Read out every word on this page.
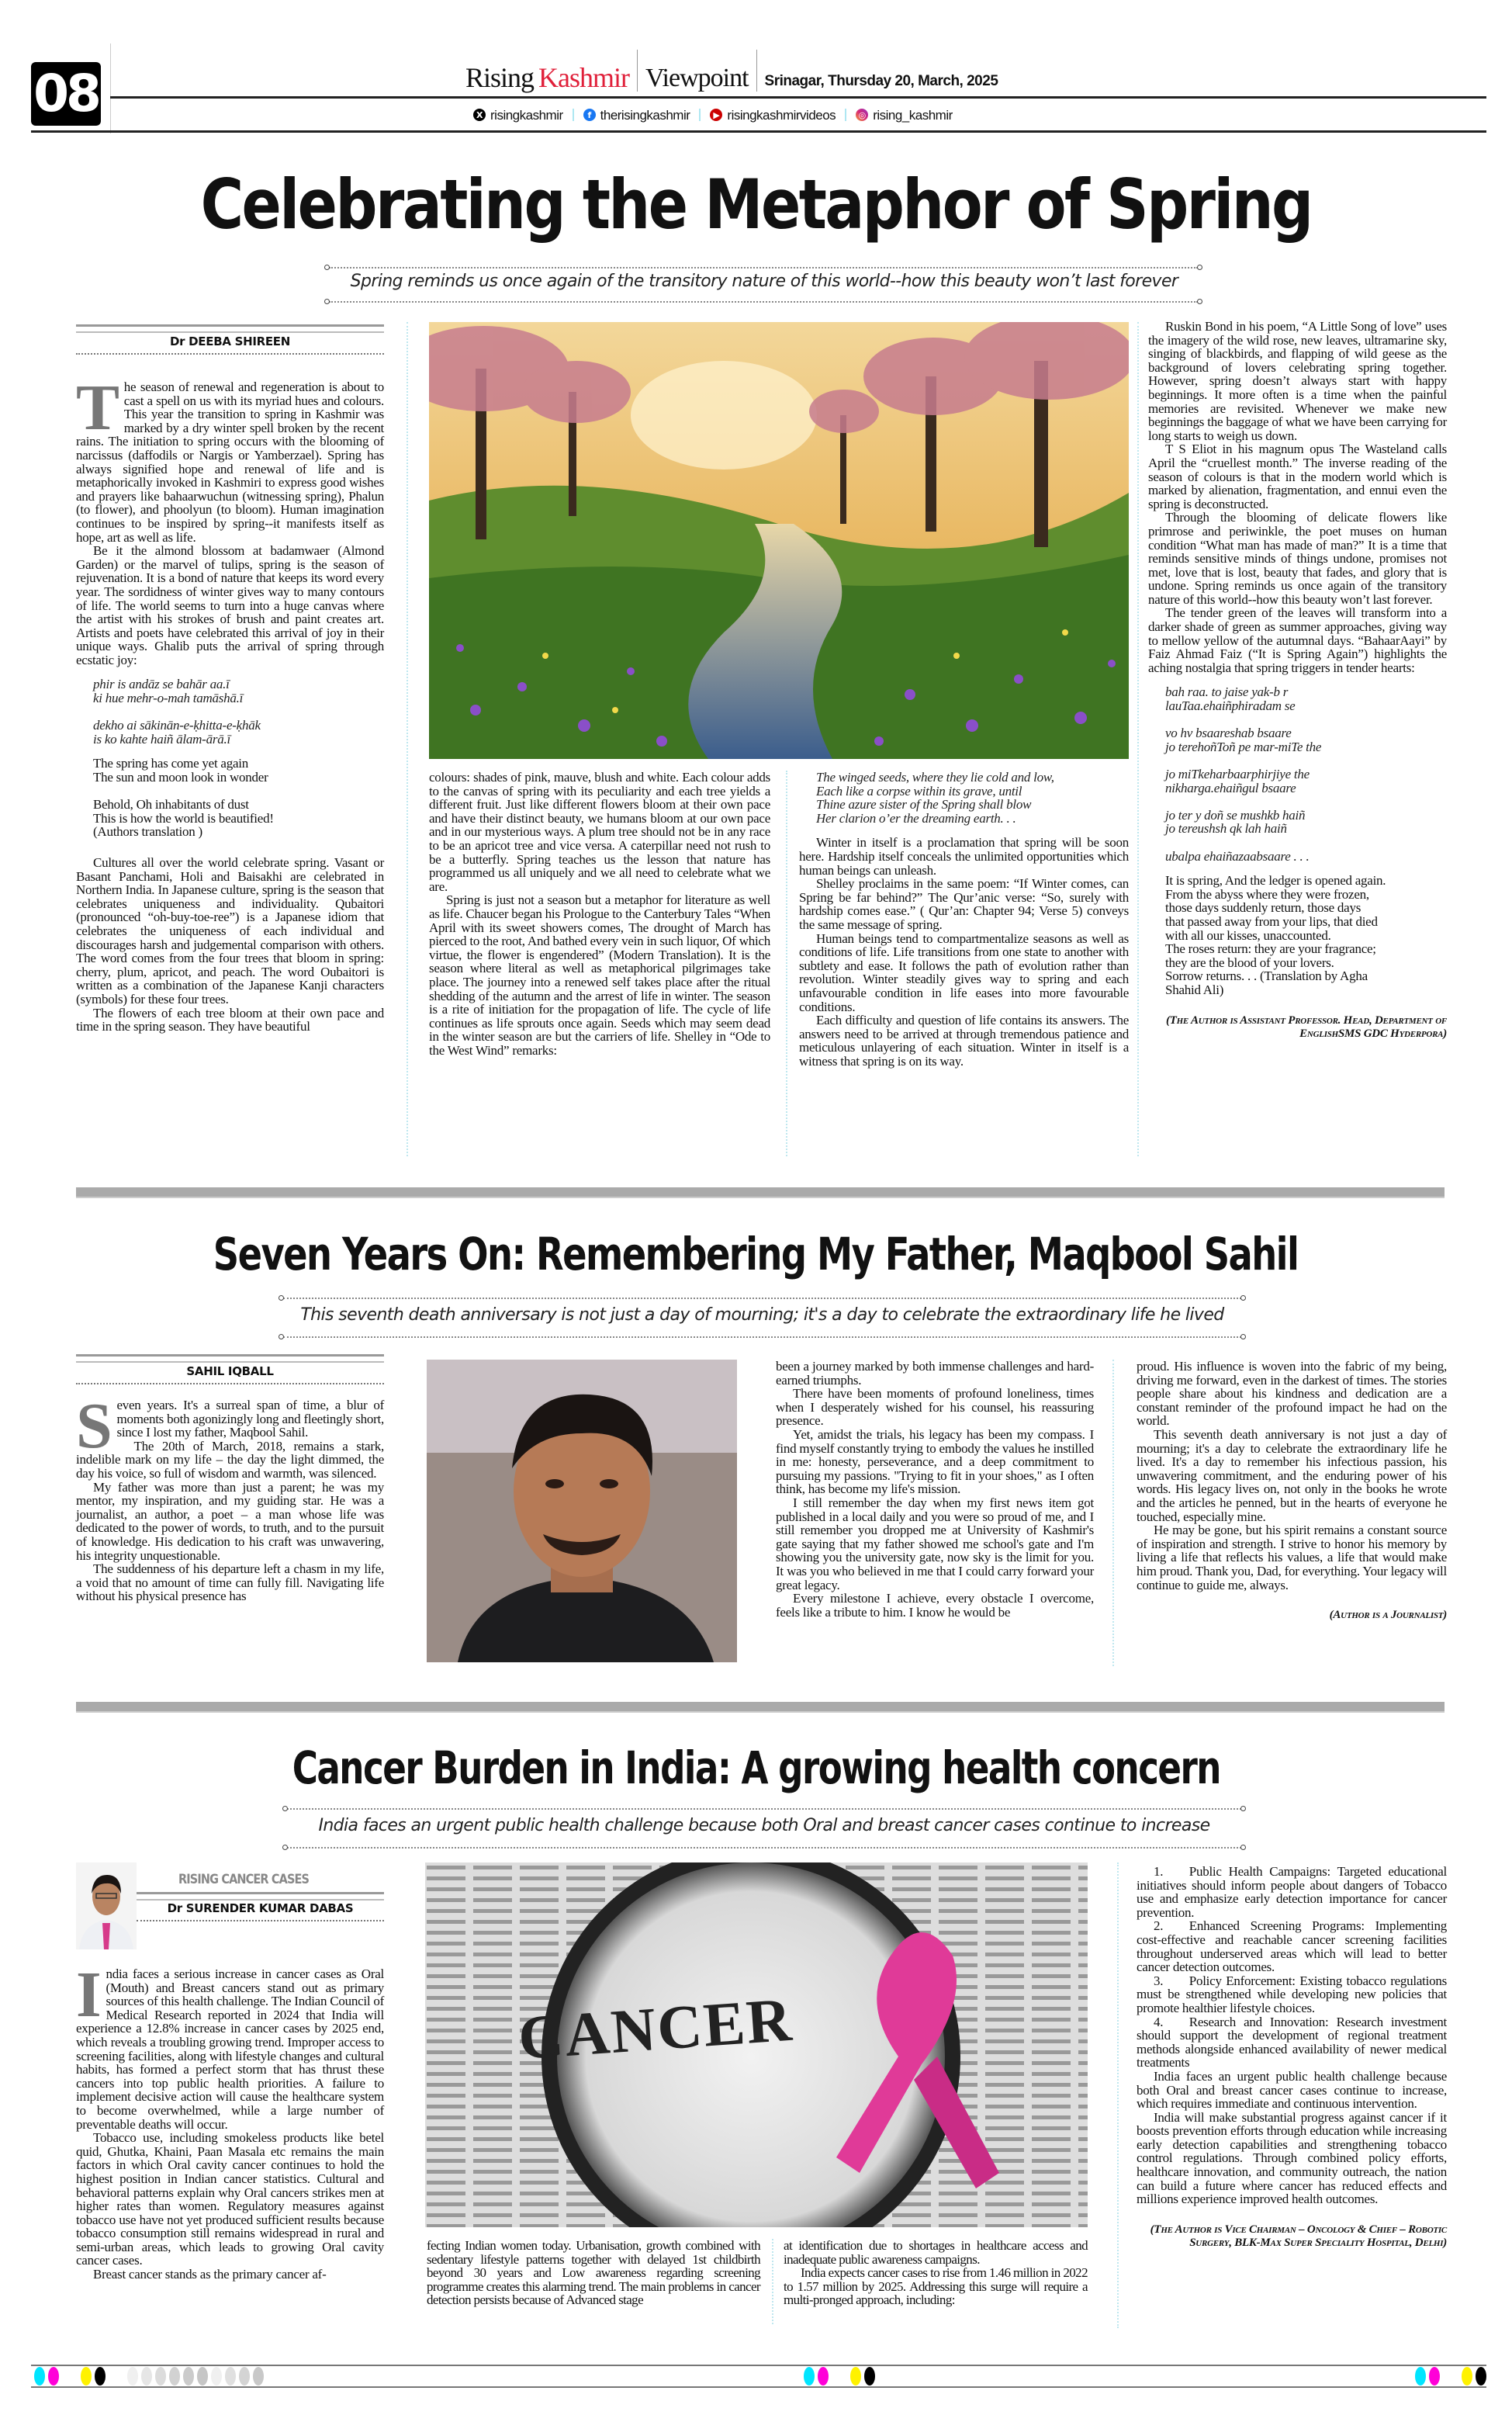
08	Rising Kashmir Viewpoint Srinagar, Thursday 20, March, 2025
X risingkashmir	f therisingkashmir	▶ risingkashmirvideos	◎ rising_kashmir
Celebrating the Metaphor of Spring
Spring reminds us once again of the transitory nature of this world--how this beauty won’t last forever
Dr DEEBA SHIREEN

The season of renewal and regeneration is about to cast a spell on us with its myriad hues and colours. This year the transition to spring in Kashmir was marked by a dry winter spell broken by the recent rains. The initiation to spring occurs with the blooming of narcissus (daffodils or Nargis or Yamberzael). Spring has always signified hope and renewal of life and is metaphorically invoked in Kashmiri to express good wishes and prayers like bahaarwuchun (witnessing spring), Phalun (to flower), and phoolyun (to bloom). Human imagination continues to be inspired by spring--it manifests itself as hope, art as well as life.

Be it the almond blossom at badamwaer (Almond Garden) or the marvel of tulips, spring is the season of rejuvenation. It is a bond of nature that keeps its word every year. The sordidness of winter gives way to many contours of life. The world seems to turn into a huge canvas where the artist with his strokes of brush and paint creates art. Artists and poets have celebrated this arrival of joy in their unique ways. Ghalib puts the arrival of spring through ecstatic joy:

phir is andāz se bahār aa.ī
ki hue mehr-o-mah tamāshā.ī

dekho ai sākinān-e-ḳhitta-e-ḳhāk
is ko kahte haiñ ālam-ārā.ī
The spring has come yet again
The sun and moon look in wonder

Behold, Oh inhabitants of dust
This is how the world is beautified!
(Authors translation )

Cultures all over the world celebrate spring. Vasant or Basant Panchami, Holi and Baisakhi are celebrated in Northern India. In Japanese culture, spring is the season that celebrates uniqueness and individuality. Qubaitori (pronounced “oh-buy-toe-ree”) is a Japanese idiom that celebrates the uniqueness of each individual and discourages harsh and judgemental comparison with others. The word comes from the four trees that bloom in spring: cherry, plum, apricot, and peach. The word Oubaitori is written as a combination of the Japanese Kanji characters (symbols) for these four trees.

The flowers of each tree bloom at their own pace and time in the spring season. They have beautiful

colours: shades of pink, mauve, blush and white. Each colour adds to the canvas of spring with its peculiarity and each tree yields a different fruit. Just like different flowers bloom at their own pace and have their distinct beauty, we humans bloom at our own pace and in our mysterious ways. A plum tree should not be in any race to be an apricot tree and vice versa. A caterpillar need not rush to be a butterfly. Spring teaches us the lesson that nature has programmed us all uniquely and we all need to celebrate what we are.

Spring is just not a season but a metaphor for literature as well as life. Chaucer began his Prologue to the Canterbury Tales “When April with its sweet showers comes, The drought of March has pierced to the root, And bathed every vein in such liquor, Of which virtue, the flower is engendered” (Modern Translation). It is the season where literal as well as metaphorical pilgrimages take place. The journey into a renewed self takes place after the ritual shedding of the autumn and the arrest of life in winter. The season is a rite of initiation for the propagation of life. The cycle of life continues as life sprouts once again. Seeds which may seem dead in the winter season are but the carriers of life. Shelley in “Ode to the West Wind” remarks:

The winged seeds, where they lie cold and low,
Each like a corpse within its grave, until
Thine azure sister of the Spring shall blow
Her clarion o’er the dreaming earth. . .

Winter in itself is a proclamation that spring will be soon here. Hardship itself conceals the unlimited opportunities which human beings can unleash.

Shelley proclaims in the same poem: “If Winter comes, can Spring be far behind?” The Qur’anic verse: “So, surely with hardship comes ease.” ( Qur’an: Chapter 94; Verse 5) conveys the same message of spring.

Human beings tend to compartmentalize seasons as well as conditions of life. Life transitions from one state to another with subtlety and ease. It follows the path of evolution rather than revolution. Winter steadily gives way to spring and each unfavourable condition in life eases into more favourable conditions.

Each difficulty and question of life contains its answers. The answers need to be arrived at through tremendous patience and meticulous unlayering of each situation. Winter in itself is a witness that spring is on its way.

Ruskin Bond in his poem, “A Little Song of love” uses the imagery of the wild rose, new leaves, ultramarine sky, singing of blackbirds, and flapping of wild geese as the background of lovers celebrating spring together. However, spring doesn’t always start with happy beginnings. It more often is a time when the painful memories are revisited. Whenever we make new beginnings the baggage of what we have been carrying for long starts to weigh us down.

T S Eliot in his magnum opus The Wasteland calls April the “cruellest month.” The inverse reading of the season of colours is that in the modern world which is marked by alienation, fragmentation, and ennui even the spring is deconstructed.

Through the blooming of delicate flowers like primrose and periwinkle, the poet muses on human condition “What man has made of man?” It is a time that reminds sensitive minds of things undone, promises not met, love that is lost, beauty that fades, and glory that is undone. Spring reminds us once again of the transitory nature of this world--how this beauty won’t last forever.

The tender green of the leaves will transform into a darker shade of green as summer approaches, giving way to mellow yellow of the autumnal days. “BahaarAayi” by Faiz Ahmad Faiz (“It is Spring Again”) highlights the aching nostalgia that spring triggers in tender hearts:

bah raa. to jaise yak-b r
lauTaa.ehaiñphiradam se

vo hv bsaareshab bsaare
jo terehoñToñ pe mar-miTe the

jo miTkeharbaarphirjiye the
nikharga.ehaiñgul bsaare

jo ter y doñ se mushkb haiñ
jo tereushsh qk lah haiñ

ubalpa ehaiñazaabsaare . . .
It is spring, And the ledger is opened again.
From the abyss where they were frozen,
those days suddenly return, those days
that passed away from your lips, that died
with all our kisses, unaccounted.
The roses return: they are your fragrance;
they are the blood of your lovers.
Sorrow returns. . . (Translation by Agha
Shahid Ali)
(The Author is Assistant Professor. Head, Department of EnglishSMS GDC Hyderpora)
Seven Years On: Remembering My Father, Maqbool Sahil
This seventh death anniversary is not just a day of mourning; it's a day to celebrate the extraordinary life he lived
SAHIL IQBALL

Seven years. It's a surreal span of time, a blur of moments both agonizingly long and fleetingly short, since I lost my father, Maqbool Sahil.

The 20th of March, 2018, remains a stark, indelible mark on my life – the day the light dimmed, the day his voice, so full of wisdom and warmth, was silenced.

My father was more than just a parent; he was my mentor, my inspiration, and my guiding star. He was a journalist, an author, a poet – a man whose life was dedicated to the power of words, to truth, and to the pursuit of knowledge. His dedication to his craft was unwavering, his integrity unquestionable.

The suddenness of his departure left a chasm in my life, a void that no amount of time can fully fill. Navigating life without his physical presence has

been a journey marked by both immense challenges and hard-earned triumphs.

There have been moments of profound loneliness, times when I desperately wished for his counsel, his reassuring presence.

Yet, amidst the trials, his legacy has been my compass. I find myself constantly trying to embody the values he instilled in me: honesty, perseverance, and a deep commitment to pursuing my passions. "Trying to fit in your shoes," as I often think, has become my life's mission.

I still remember the day when my first news item got published in a local daily and you were so proud of me, and I still remember you dropped me at University of Kashmir's gate saying that my father showed me school's gate and I'm showing you the university gate, now sky is the limit for you. It was you who believed in me that I could carry forward your great legacy.

Every milestone I achieve, every obstacle I overcome, feels like a tribute to him. I know he would be

proud. His influence is woven into the fabric of my being, driving me forward, even in the darkest of times. The stories people share about his kindness and dedication are a constant reminder of the profound impact he had on the world.

This seventh death anniversary is not just a day of mourning; it's a day to celebrate the extraordinary life he lived. It's a day to remember his infectious passion, his unwavering commitment, and the enduring power of his words. His legacy lives on, not only in the books he wrote and the articles he penned, but in the hearts of everyone he touched, especially mine.

He may be gone, but his spirit remains a constant source of inspiration and strength. I strive to honor his memory by living a life that reflects his values, a life that would make him proud. Thank you, Dad, for everything. Your legacy will continue to guide me, always.

(Author is a Journalist)
Cancer Burden in India: A growing health concern
India faces an urgent public health challenge because both Oral and breast cancer cases continue to increase
RISING CANCER CASES
Dr SURENDER KUMAR DABAS

India faces a serious increase in cancer cases as Oral (Mouth) and Breast cancers stand out as primary sources of this health challenge. The Indian Council of Medical Research reported in 2024 that India will experience a 12.8% increase in cancer cases by 2025 end, which reveals a troubling growing trend. Improper access to screening facilities, along with lifestyle changes and cultural habits, has formed a perfect storm that has thrust these cancers into top public health priorities. A failure to implement decisive action will cause the healthcare system to become overwhelmed, while a large number of preventable deaths will occur.

Tobacco use, including smokeless products like betel quid, Ghutka, Khaini, Paan Masala etc remains the main factors in which Oral cavity cancer continues to hold the highest position in Indian cancer statistics. Cultural and behavioral patterns explain why Oral cancers strikes men at higher rates than women. Regulatory measures against tobacco use have not yet produced sufficient results because tobacco consumption still remains widespread in rural and semi-urban areas, which leads to growing Oral cavity cancer cases.

Breast cancer stands as the primary cancer af-

CANCER

fecting Indian women today. Urbanisation, growth combined with sedentary lifestyle patterns together with delayed 1st childbirth beyond 30 years and Low awareness regarding screening programme creates this alarming trend. The main problems in cancer detection persists because of Advanced stage

at identification due to shortages in healthcare access and inadequate public awareness campaigns.

India expects cancer cases to rise from 1.46 million in 2022 to 1.57 million by 2025. Addressing this surge will require a multi-pronged approach, including:

1.  Public Health Campaigns: Targeted educational initiatives should inform people about dangers of Tobacco use and emphasize early detection importance for cancer prevention.

2.  Enhanced Screening Programs: Implementing cost-effective and reachable cancer screening facilities throughout underserved areas which will lead to better cancer detection outcomes.

3.  Policy Enforcement: Existing tobacco regulations must be strengthened while developing new policies that promote healthier lifestyle choices.

4.  Research and Innovation: Research investment should support the development of regional treatment methods alongside enhanced availability of newer medical treatments

India faces an urgent public health challenge because both Oral and breast cancer cases continue to increase, which requires immediate and continuous intervention.

India will make substantial progress against cancer if it boosts prevention efforts through education while increasing early detection capabilities and strengthening tobacco control regulations. Through combined policy efforts, healthcare innovation, and community outreach, the nation can build a future where cancer has reduced effects and millions experience improved health outcomes.

(The Author is Vice Chairman – Oncology & Chief – Robotic Surgery, BLK-Max Super Speciality Hospital, Delhi)
